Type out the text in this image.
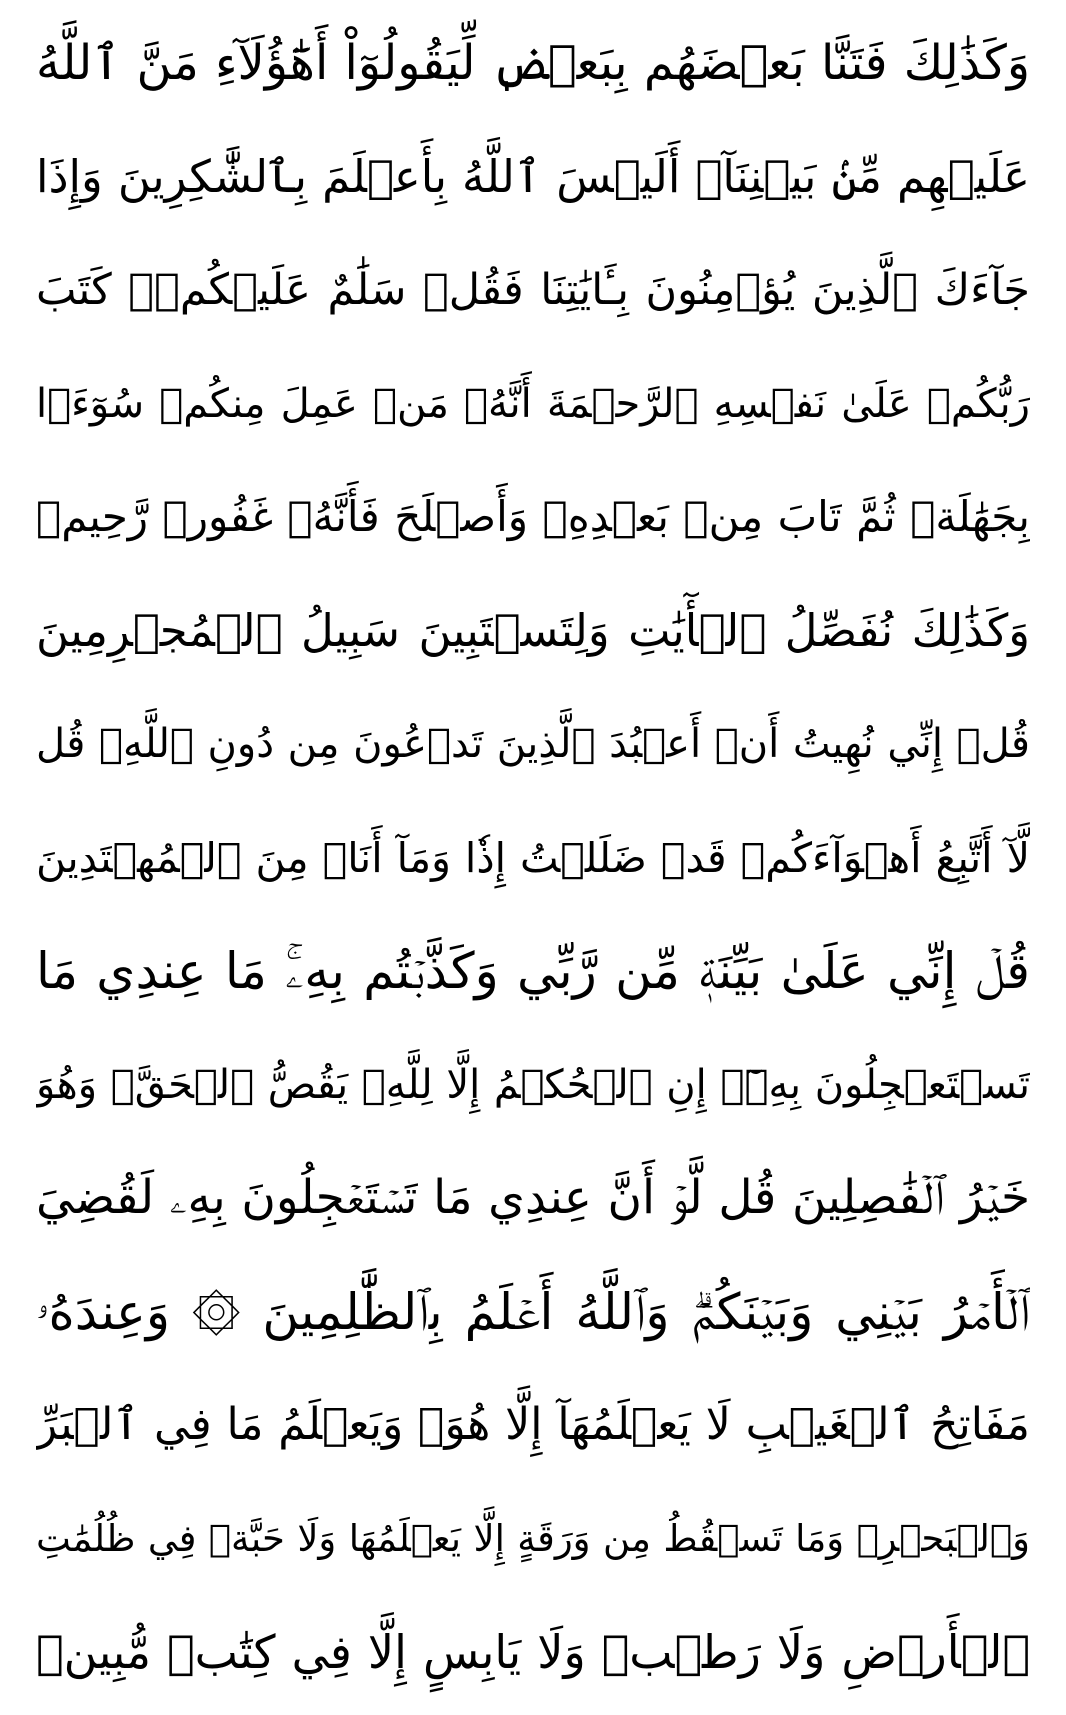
وَكَذَٰلِكَ فَتَنَّا بَعۡضَهُم بِبَعۡضٖ لِّيَقُولُوٓاْ أَهَٰٓؤُلَآءِ مَنَّ ٱللَّهُ
عَلَيۡهِم مِّنۢ بَيۡنِنَآۗ أَلَيۡسَ ٱللَّهُ بِأَعۡلَمَ بِٱلشَّٰكِرِينَ وَإِذَا
جَآءَكَ ٱلَّذِينَ يُؤۡمِنُونَ بِـَٔايَٰتِنَا فَقُلۡ سَلَٰمٌ عَلَيۡكُمۡۖ كَتَبَ
رَبُّكُمۡ عَلَىٰ نَفۡسِهِ ٱلرَّحۡمَةَ أَنَّهُۥ مَنۡ عَمِلَ مِنكُمۡ سُوٓءَۢا
بِجَهَٰلَةٖ ثُمَّ تَابَ مِنۢ بَعۡدِهِۦ وَأَصۡلَحَ فَأَنَّهُۥ غَفُورٞ رَّحِيمٞ
وَكَذَٰلِكَ نُفَصِّلُ ٱلۡأٓيَٰتِ وَلِتَسۡتَبِينَ سَبِيلُ ٱلۡمُجۡرِمِينَ
قُلۡ إِنِّي نُهِيتُ أَنۡ أَعۡبُدَ ٱلَّذِينَ تَدۡعُونَ مِن دُونِ ٱللَّهِۚ قُل
لَّآ أَتَّبِعُ أَهۡوَآءَكُمۡ قَدۡ ضَلَلۡتُ إِذٗا وَمَآ أَنَا۠ مِنَ ٱلۡمُهۡتَدِينَ
قُلۡ إِنِّي عَلَىٰ بَيِّنَةٖ مِّن رَّبِّي وَكَذَّبۡتُم بِهِۦۚ مَا عِندِي مَا
تَسۡتَعۡجِلُونَ بِهِۦٓۚ إِنِ ٱلۡحُكۡمُ إِلَّا لِلَّهِۖ يَقُصُّ ٱلۡحَقَّۖ وَهُوَ
خَيۡرُ ٱلۡفَٰصِلِينَ قُل لَّوۡ أَنَّ عِندِي مَا تَسۡتَعۡجِلُونَ بِهِۦ لَقُضِيَ
ٱلۡأَمۡرُ بَيۡنِي وَبَيۡنَكُمۡۗ وَٱللَّهُ أَعۡلَمُ بِٱلظَّٰلِمِينَ ۞ وَعِندَهُۥ
مَفَاتِحُ ٱلۡغَيۡبِ لَا يَعۡلَمُهَآ إِلَّا هُوَۚ وَيَعۡلَمُ مَا فِي ٱلۡبَرِّ
وَٱلۡبَحۡرِۚ وَمَا تَسۡقُطُ مِن وَرَقَةٍ إِلَّا يَعۡلَمُهَا وَلَا حَبَّةٖ فِي ظُلُمَٰتِ
ٱلۡأَرۡضِ وَلَا رَطۡبٖ وَلَا يَابِسٍ إِلَّا فِي كِتَٰبٖ مُّبِينٖ
